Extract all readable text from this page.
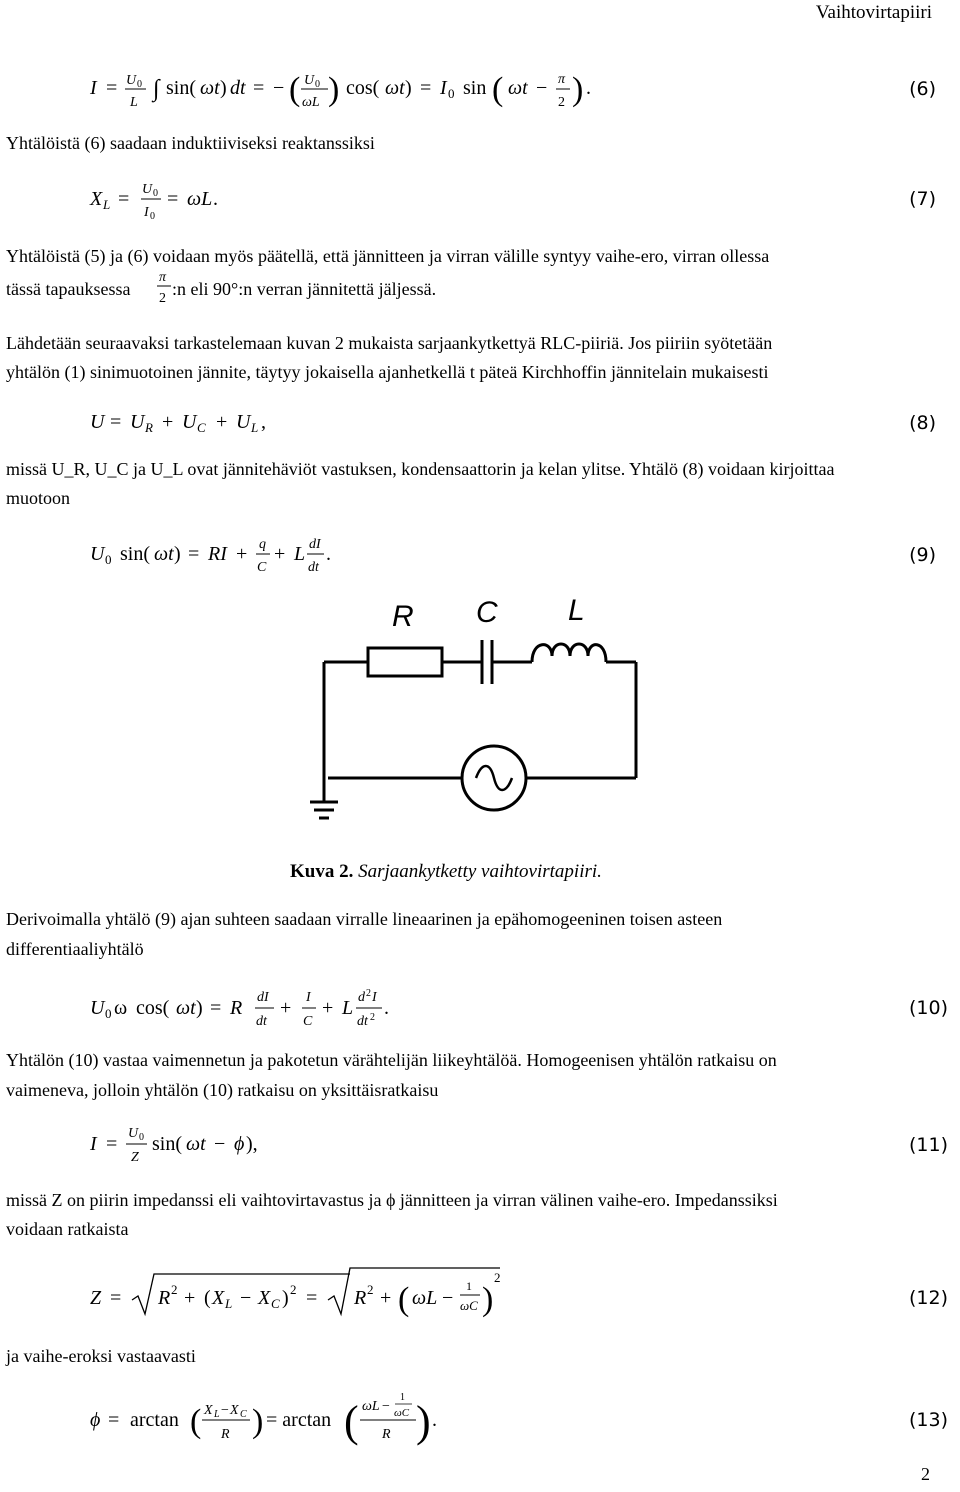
Vaihtovirtapiiri
I = U 0
L
∫ sin( ωt ) dt = − ( U 0
ωL ) cos( ωt ) = I 0 sin ( ωt − π
2 ) .	(6)
Yhtälöistä (6) saadaan induktiiviseksi reaktanssiksi
X L = U 0
I 0
= ωL .	(7)
Yhtälöistä (5) ja (6) voidaan myös päätellä, että jännitteen ja virran välille syntyy vaihe-ero, virran ollessa
tässä tapauksessa
π
2 :n eli 90°:n verran jännitettä jäljessä.
Lähdetään seuraavaksi tarkastelemaan kuvan 2 mukaista sarjaankytkettyä RLC-piiriä. Jos piiriin syötetään
yhtälön (1) sinimuotoinen jännite, täytyy jokaisella ajanhetkellä t päteä Kirchhoffin jännitelain mukaisesti
U = U R + U C + U L ,	(8)
missä U_R, U_C ja U_L ovat jännitehäviöt vastuksen, kondensaattorin ja kelan ylitse. Yhtälö (8) voidaan kirjoittaa
muotoon
U 0 sin( ωt ) = RI + q
C
+ L dI
dt
.	(9)
R C L
Kuva 2. Sarjaankytketty vaihtovirtapiiri.
Derivoimalla yhtälö (9) ajan suhteen saadaan virralle lineaarinen ja epähomogeeninen toisen asteen
differentiaaliyhtälö
U 0 ω cos( ωt ) = R dI
dt
+ I
C
+ L d 2 I
dt 2 .	(10)
Yhtälön (10) vastaa vaimennetun ja pakotetun värähtelijän liikeyhtälöä. Homogeenisen yhtälön ratkaisu on
vaimeneva, jolloin yhtälön (10) ratkaisu on yksittäisratkaisu
I = U 0
Z
sin( ωt − ϕ ),	(11)
missä Z on piirin impedanssi eli vaihtovirtavastus ja ϕ jännitteen ja virran välinen vaihe-ero. Impedanssiksi
voidaan ratkaista
Z = R 2 + ( X L − X C ) 2 = R 2 + ( ωL −
1
ωC )
2
(12)
ja vaihe-eroksi vastaavasti
ϕ = arctan ( X L − X C
R ) = arctan ( ωL −
1
ωC
R ) .	(13)
2
